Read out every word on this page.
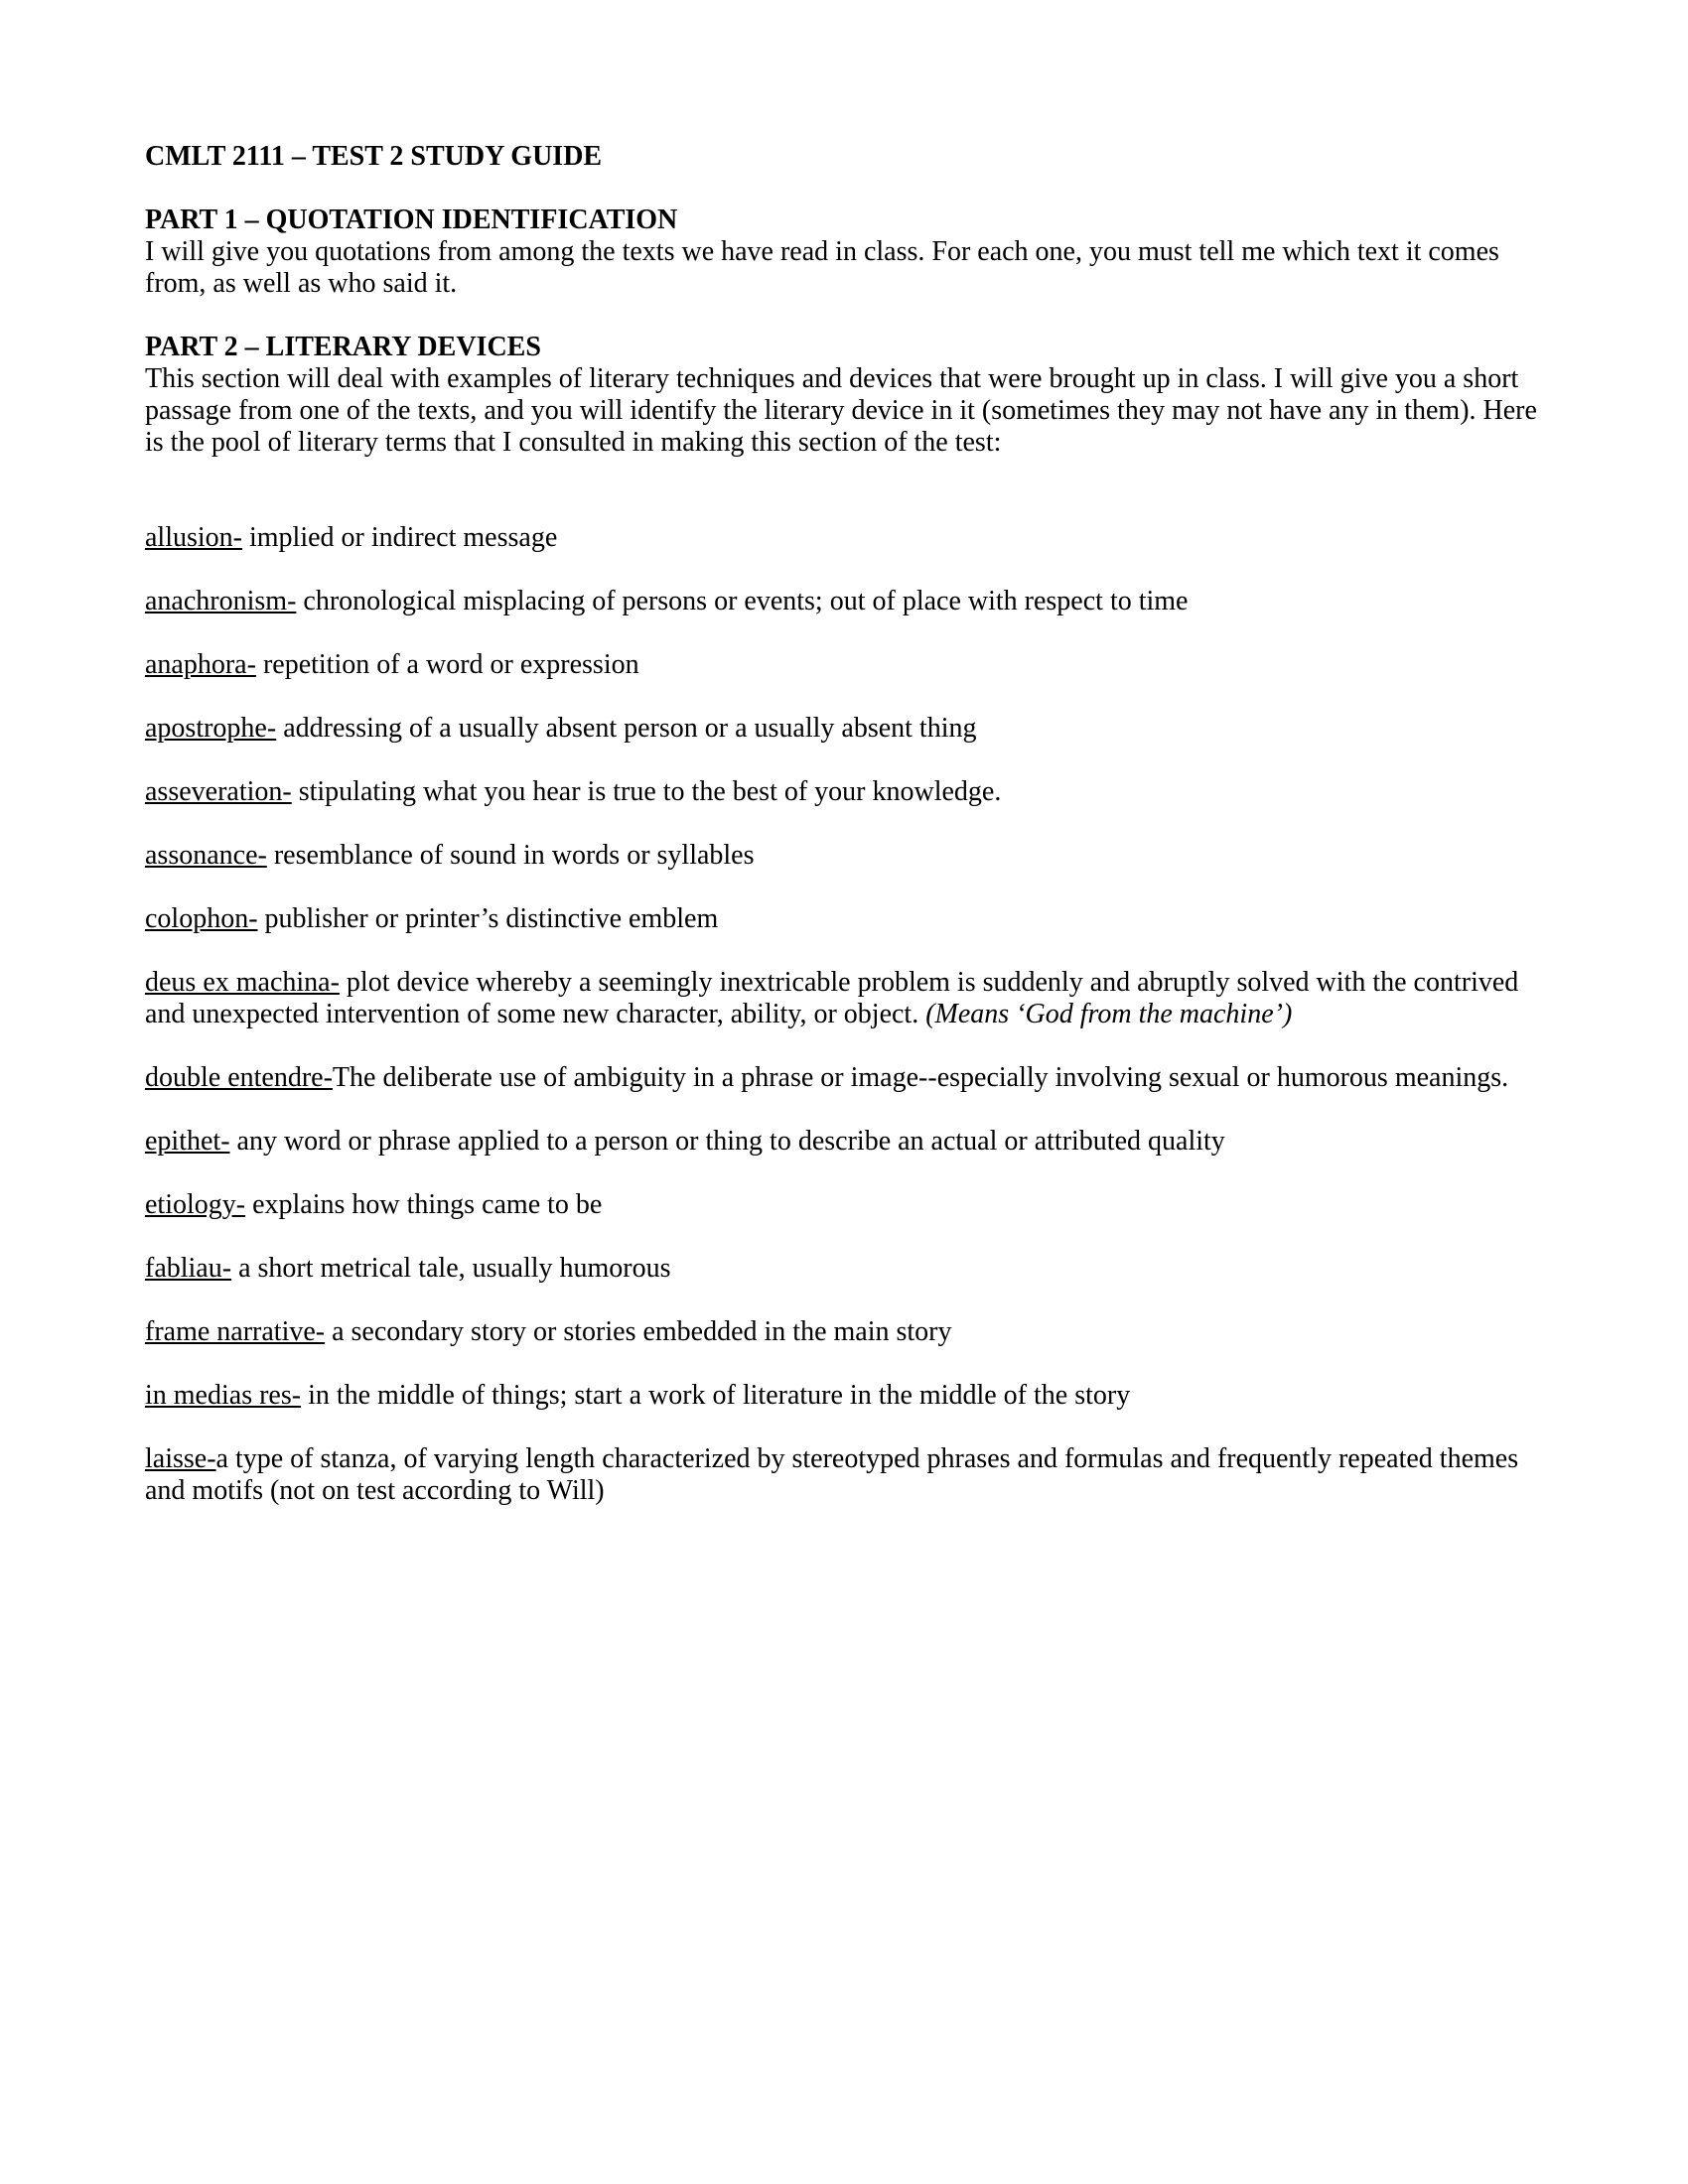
CMLT 2111 – TEST 2 STUDY GUIDE
PART 1 – QUOTATION IDENTIFICATION

I will give you quotations from among the texts we have read in class. For each one, you must tell me which text it comes from, as well as who said it.

PART 2 – LITERARY DEVICES

This section will deal with examples of literary techniques and devices that were brought up in class. I will give you a short passage from one of the texts, and you will identify the literary device in it (sometimes they may not have any in them). Here is the pool of literary terms that I consulted in making this section of the test:

allusion- implied or indirect message

anachronism- chronological misplacing of persons or events; out of place with respect to time

anaphora- repetition of a word or expression

apostrophe- addressing of a usually absent person or a usually absent thing

asseveration- stipulating what you hear is true to the best of your knowledge.

assonance- resemblance of sound in words or syllables

colophon- publisher or printer’s distinctive emblem

deus ex machina- plot device whereby a seemingly inextricable problem is suddenly and abruptly solved with the contrived and unexpected intervention of some new character, ability, or object. (Means ‘God from the machine’)

double entendre-The deliberate use of ambiguity in a phrase or image--especially involving sexual or humorous meanings.

epithet- any word or phrase applied to a person or thing to describe an actual or attributed quality

etiology- explains how things came to be

fabliau- a short metrical tale, usually humorous

frame narrative- a secondary story or stories embedded in the main story

in medias res- in the middle of things; start a work of literature in the middle of the story

laisse-a type of stanza, of varying length characterized by stereotyped phrases and formulas and frequently repeated themes and motifs (not on test according to Will)
